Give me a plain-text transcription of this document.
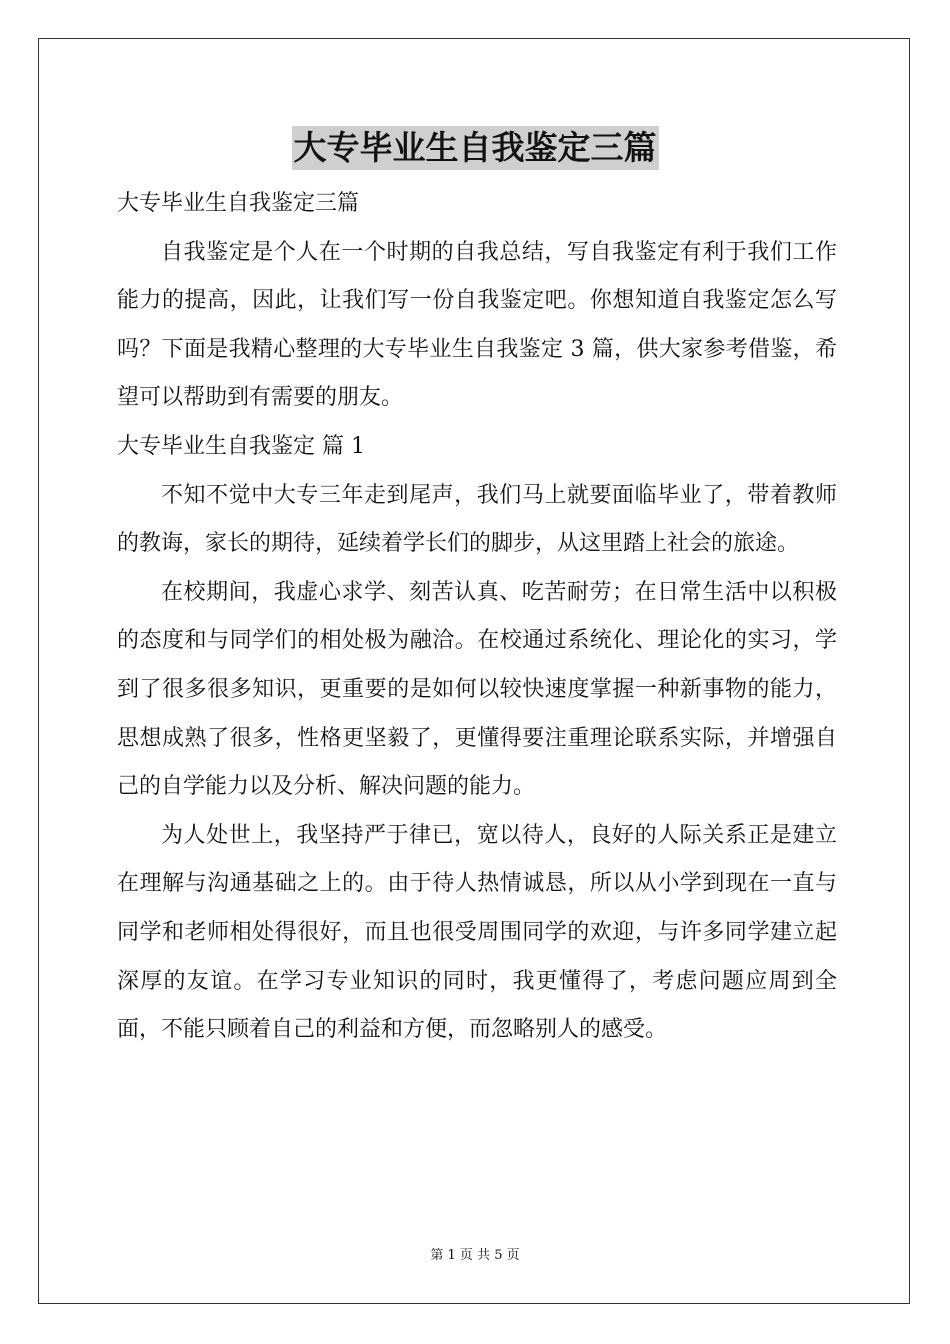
大专毕业生自我鉴定三篇

大专毕业生自我鉴定三篇

自我鉴定是个人在一个时期的自我总结，写自我鉴定有利于我们工作能力的提高，因此，让我们写一份自我鉴定吧。你想知道自我鉴定怎么写吗？下面是我精心整理的大专毕业生自我鉴定 3 篇，供大家参考借鉴，希望可以帮助到有需要的朋友。

大专毕业生自我鉴定 篇 1

不知不觉中大专三年走到尾声，我们马上就要面临毕业了，带着教师的教诲，家长的期待，延续着学长们的脚步，从这里踏上社会的旅途。

在校期间，我虚心求学、刻苦认真、吃苦耐劳；在日常生活中以积极的态度和与同学们的相处极为融洽。在校通过系统化、理论化的实习，学到了很多很多知识，更重要的是如何以较快速度掌握一种新事物的能力，思想成熟了很多，性格更坚毅了，更懂得要注重理论联系实际，并增强自己的自学能力以及分析、解决问题的能力。

为人处世上，我坚持严于律已，宽以待人，良好的人际关系正是建立在理解与沟通基础之上的。由于待人热情诚恳，所以从小学到现在一直与同学和老师相处得很好，而且也很受周围同学的欢迎，与许多同学建立起深厚的友谊。在学习专业知识的同时，我更懂得了，考虑问题应周到全面，不能只顾着自己的利益和方便，而忽略别人的感受。

第 1 页 共 5 页
